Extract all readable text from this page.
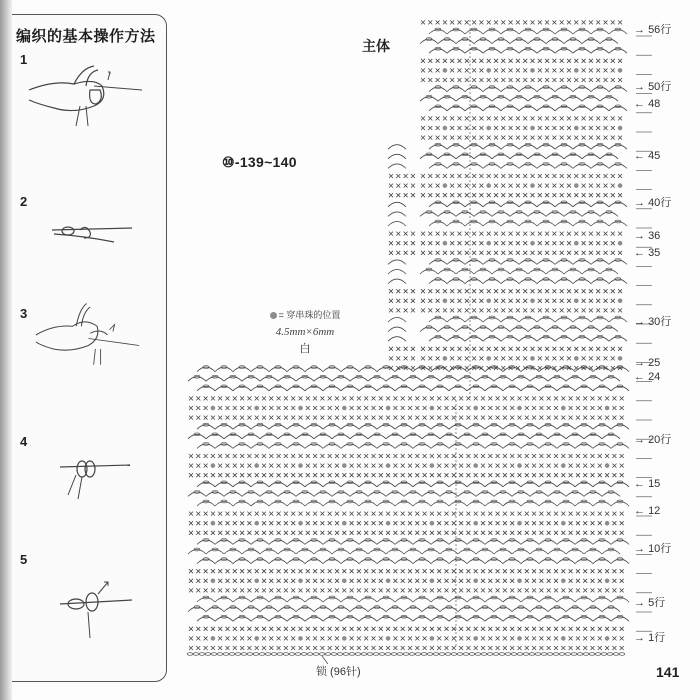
编织的基本操作方法
1
2
3
4
5
主体
⑩-139~140
= 穿串珠的位置
4.5mm×6mm
白
→ 56行
→ 50行
← 48
← 45
→ 40行
→ 36
← 35
→ 30行
→ 25
← 24
→ 20行
← 15
← 12
→ 10行
→ 5行
→ 1行
锁 (96针)	141
